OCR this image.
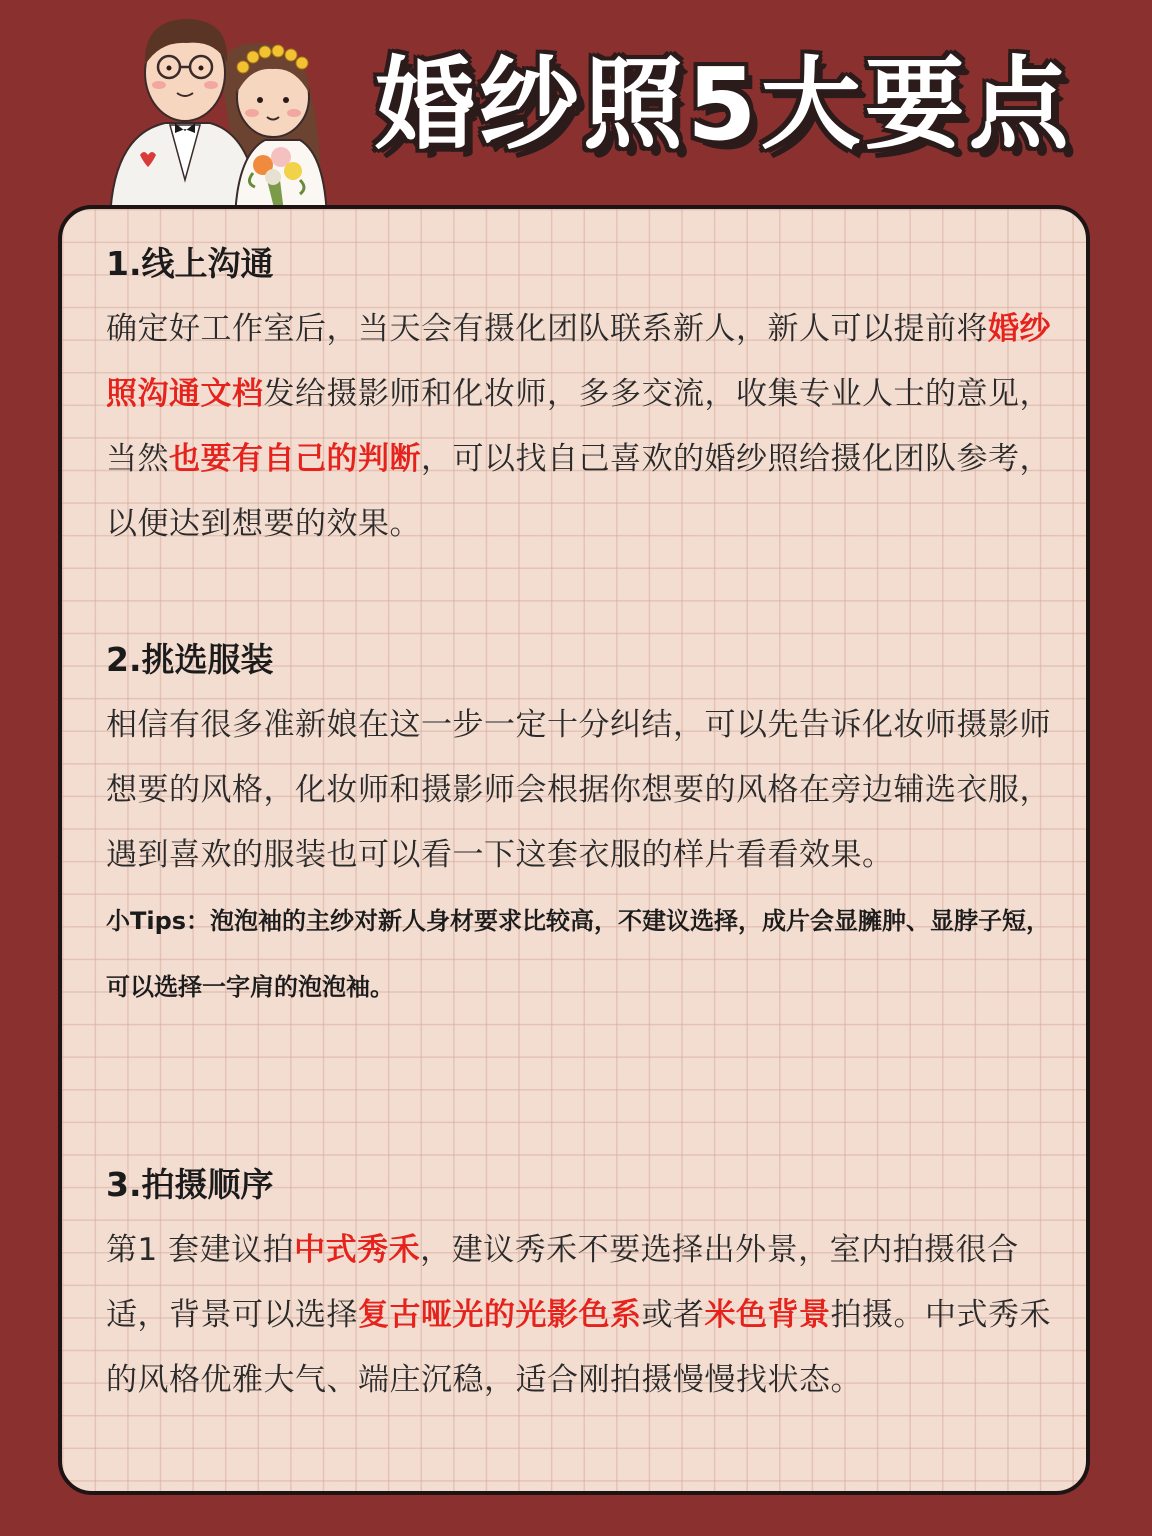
婚纱照5大要点

1.线上沟通

确定好工作室后，当天会有摄化团队联系新人，新人可以提前将婚纱照沟通文档发给摄影师和化妆师，多多交流，收集专业人士的意见，当然也要有自己的判断，可以找自己喜欢的婚纱照给摄化团队参考，以便达到想要的效果。

2.挑选服装

相信有很多准新娘在这一步一定十分纠结，可以先告诉化妆师摄影师想要的风格，化妆师和摄影师会根据你想要的风格在旁边辅选衣服，遇到喜欢的服装也可以看一下这套衣服的样片看看效果。

小Tips：泡泡袖的主纱对新人身材要求比较高，不建议选择，成片会显臃肿、显脖子短，可以选择一字肩的泡泡袖。

3.拍摄顺序

第1 套建议拍中式秀禾，建议秀禾不要选择出外景，室内拍摄很合适，背景可以选择复古哑光的光影色系或者米色背景拍摄。中式秀禾的风格优雅大气、端庄沉稳，适合刚拍摄慢慢找状态。
